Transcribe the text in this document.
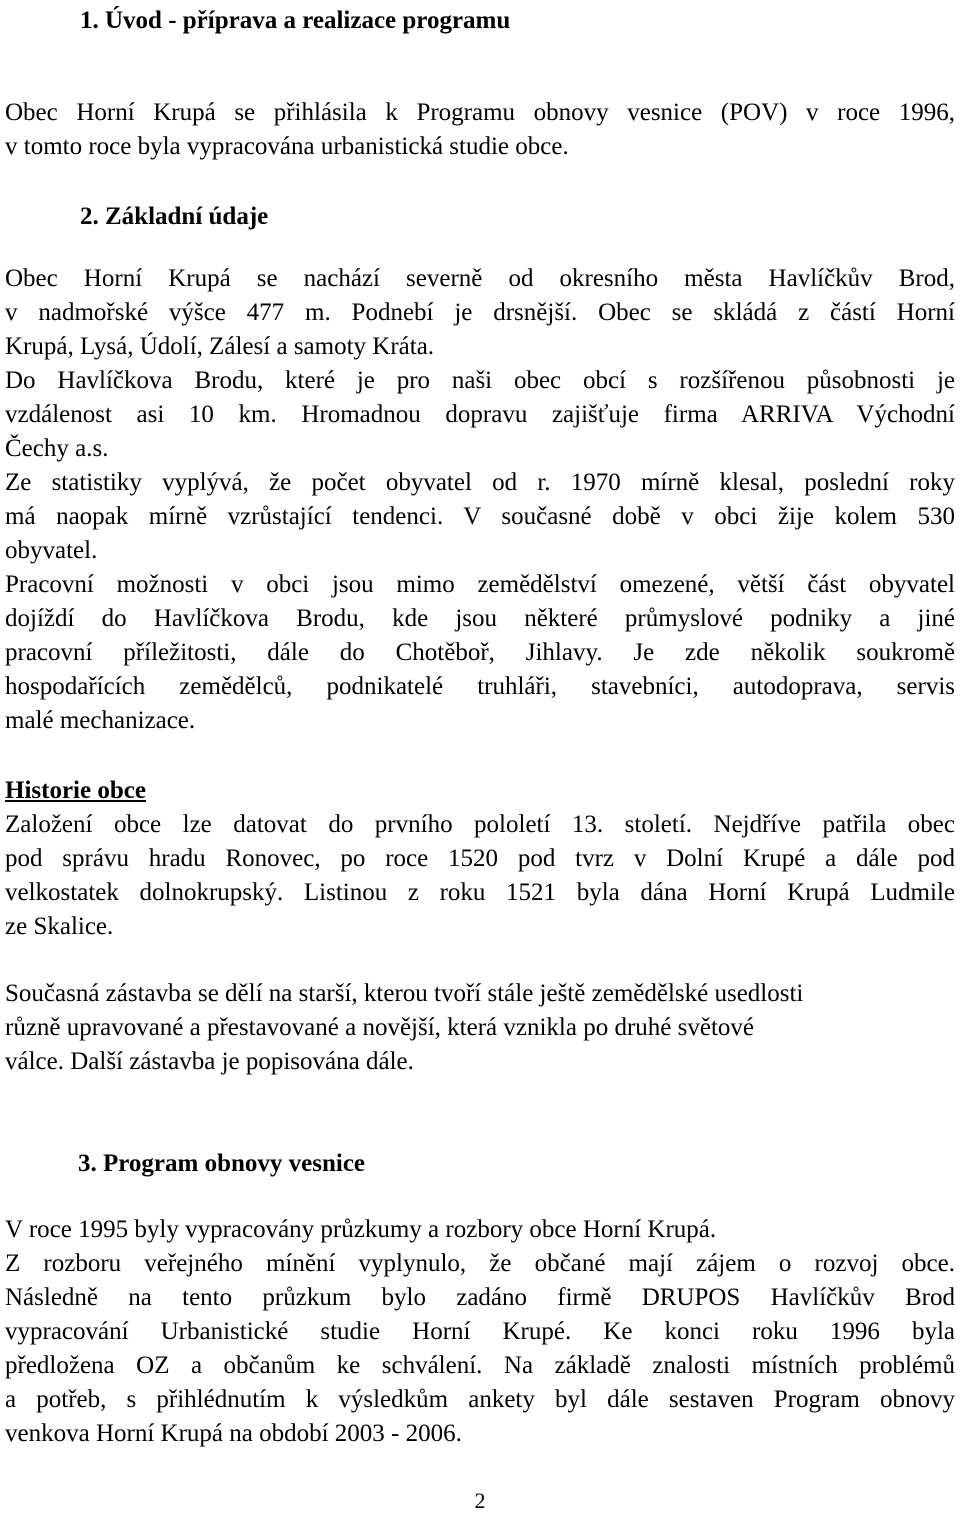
1. Úvod - příprava a realizace programu
Obec Horní Krupá se přihlásila k Programu obnovy vesnice (POV) v roce 1996,
v tomto roce byla vypracována urbanistická studie obce.
2. Základní údaje
Obec Horní Krupá se nachází severně od okresního města Havlíčkův Brod,
v nadmořské výšce 477 m. Podnebí je drsnější. Obec se skládá z částí Horní
Krupá, Lysá, Údolí, Zálesí a samoty Kráta.
Do Havlíčkova Brodu, které je pro naši obec obcí s rozšířenou působnosti je
vzdálenost asi 10 km. Hromadnou dopravu zajišťuje firma ARRIVA Východní
Čechy a.s.
Ze statistiky vyplývá, že počet obyvatel od r. 1970 mírně klesal, poslední roky
má naopak mírně vzrůstající tendenci. V současné době v obci žije kolem 530
obyvatel.
Pracovní možnosti v obci jsou mimo zemědělství omezené, větší část obyvatel
dojíždí do Havlíčkova Brodu, kde jsou některé průmyslové podniky a jiné
pracovní příležitosti, dále do Chotěboř, Jihlavy. Je zde několik soukromě
hospodařících zemědělců, podnikatelé truhláři, stavebníci, autodoprava, servis
malé mechanizace.
Historie obce
Založení obce lze datovat do prvního pololetí 13. století. Nejdříve patřila obec
pod správu hradu Ronovec, po roce 1520 pod tvrz v Dolní Krupé a dále pod
velkostatek dolnokrupský. Listinou z roku 1521 byla dána Horní Krupá Ludmile
ze Skalice.
Současná zástavba se dělí na starší, kterou tvoří stále ještě zemědělské usedlosti
různě upravované a přestavované a novější, která vznikla po druhé světové
válce. Další zástavba je popisována dále.
3. Program obnovy vesnice
V roce 1995 byly vypracovány průzkumy a rozbory obce Horní Krupá.
Z rozboru veřejného mínění vyplynulo, že občané mají zájem o rozvoj obce.
Následně na tento průzkum bylo zadáno firmě DRUPOS Havlíčkův Brod
vypracování Urbanistické studie Horní Krupé. Ke konci roku 1996 byla
předložena OZ a občanům ke schválení. Na základě znalosti místních problémů
a potřeb, s přihlédnutím k výsledkům ankety byl dále sestaven Program obnovy
venkova Horní Krupá na období 2003 - 2006.
2
